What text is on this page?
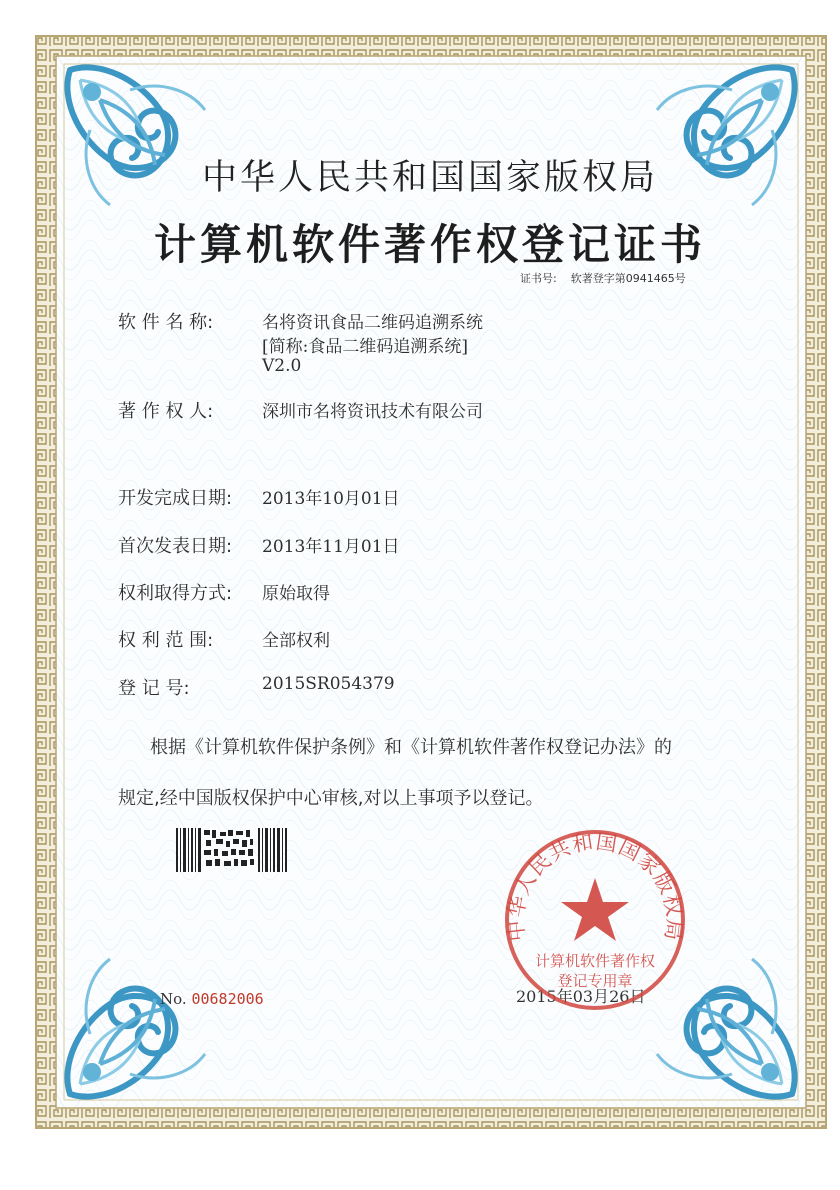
中华人民共和国国家版权局
计算机软件著作权登记证书
证书号: 软著登字第0941465号
软 件 名 称:	名将资讯食品二维码追溯系统
[简称:食品二维码追溯系统]
V2.0
著 作 权 人:	深圳市名将资讯技术有限公司
开发完成日期: 2013年10月01日
首次发表日期: 2013年11月01日
权利取得方式: 原始取得
权 利 范 围:	全部权利
登 记 号:	2015SR054379
根据《计算机软件保护条例》和《计算机软件著作权登记办法》的
规定,经中国版权保护中心审核,对以上事项予以登记。
No. 00682006	2015年03月26日
中华人民共和国国家版权局
计算机软件著作权
登记专用章
